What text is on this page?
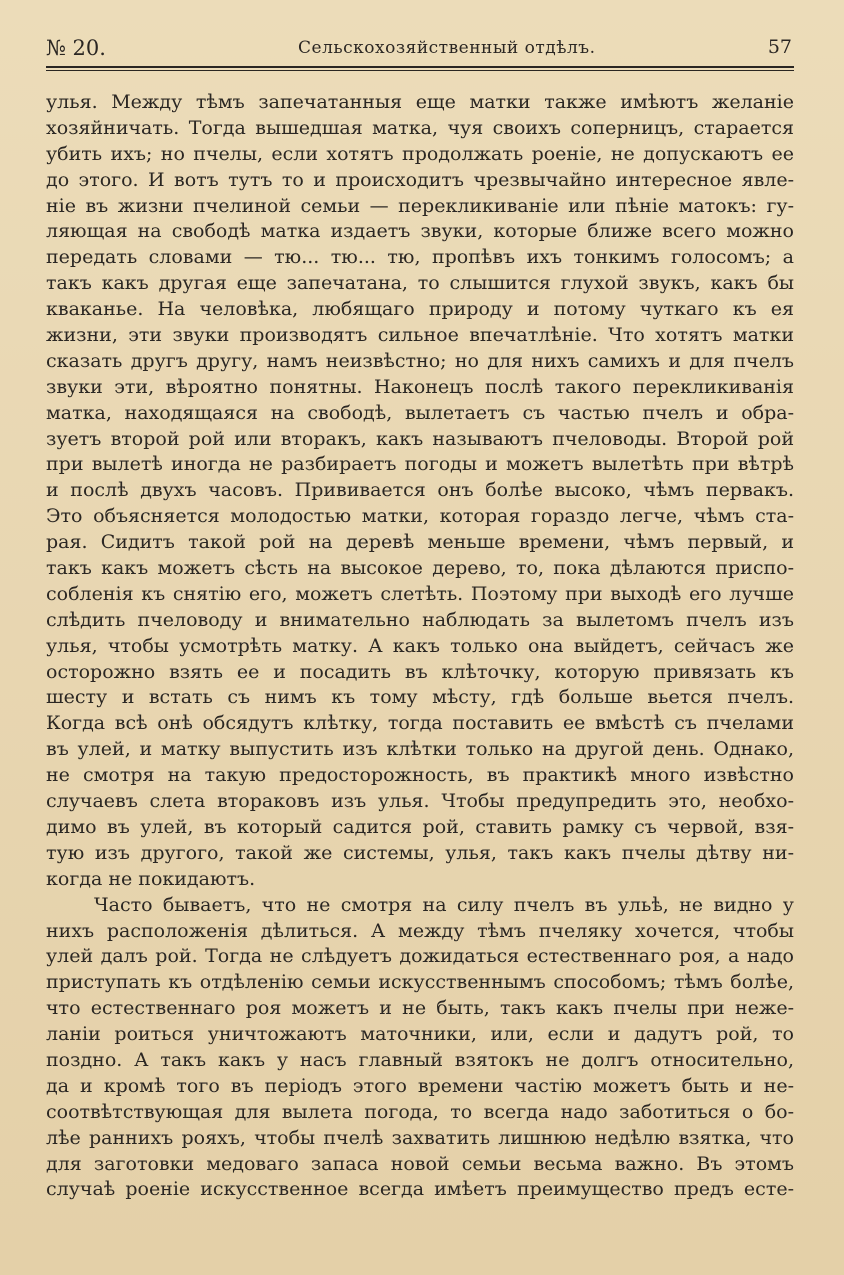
№ 20.	Сельскохозяйственный отдѣлъ.	57
улья. Между тѣмъ запечатанныя еще матки также имѣютъ желаніе
хозяйничать. Тогда вышедшая матка, чуя своихъ соперницъ, старается
убить ихъ; но пчелы, если хотятъ продолжать роеніе, не допускаютъ ее
до этого. И вотъ тутъ то и происходитъ чрезвычайно интересное явле-
ніе въ жизни пчелиной семьи — перекликиваніе или пѣніе матокъ: гу-
ляющая на свободѣ матка издаетъ звуки, которые ближе всего можно
передать словами — тю... тю... тю, пропѣвъ ихъ тонкимъ голосомъ; а
такъ какъ другая еще запечатана, то слышится глухой звукъ, какъ бы
кваканье. На человѣка, любящаго природу и потому чуткаго къ ея
жизни, эти звуки производятъ сильное впечатлѣніе. Что хотятъ матки
сказать другъ другу, намъ неизвѣстно; но для нихъ самихъ и для пчелъ
звуки эти, вѣроятно понятны. Наконецъ послѣ такого перекликиванія
матка, находящаяся на свободѣ, вылетаетъ съ частью пчелъ и обра-
зуетъ второй рой или вторакъ, какъ называютъ пчеловоды. Второй рой
при вылетѣ иногда не разбираетъ погоды и можетъ вылетѣть при вѣтрѣ
и послѣ двухъ часовъ. Прививается онъ болѣе высоко, чѣмъ первакъ.
Это объясняется молодостью матки, которая гораздо легче, чѣмъ ста-
рая. Сидитъ такой рой на деревѣ меньше времени, чѣмъ первый, и
такъ какъ можетъ сѣсть на высокое дерево, то, пока дѣлаются приспо-
собленія къ снятію его, можетъ слетѣть. Поэтому при выходѣ его лучше
слѣдить пчеловоду и внимательно наблюдать за вылетомъ пчелъ изъ
улья, чтобы усмотрѣть матку. А какъ только она выйдетъ, сейчасъ же
осторожно взять ее и посадить въ клѣточку, которую привязать къ
шесту и встать съ нимъ къ тому мѣсту, гдѣ больше вьется пчелъ.
Когда всѣ онѣ обсядутъ клѣтку, тогда поставить ее вмѣстѣ съ пчелами
въ улей, и матку выпустить изъ клѣтки только на другой день. Однако,
не смотря на такую предосторожность, въ практикѣ много извѣстно
случаевъ слета втораковъ изъ улья. Чтобы предупредить это, необхо-
димо въ улей, въ который садится рой, ставить рамку съ червой, взя-
тую изъ другого, такой же системы, улья, такъ какъ пчелы дѣтву ни-
когда не покидаютъ.
Часто бываетъ, что не смотря на силу пчелъ въ ульѣ, не видно у
нихъ расположенія дѣлиться. А между тѣмъ пчеляку хочется, чтобы
улей далъ рой. Тогда не слѣдуетъ дожидаться естественнаго роя, а надо
приступать къ отдѣленію семьи искусственнымъ способомъ; тѣмъ болѣе,
что естественнаго роя можетъ и не быть, такъ какъ пчелы при нежe-
ланіи роиться уничтожаютъ маточники, или, если и дадутъ рой, то
поздно. А такъ какъ у насъ главный взятокъ не долгъ относительно,
да и кромѣ того въ періодъ этого времени частію можетъ быть и не-
соотвѣтствующая для вылета погода, то всегда надо заботиться о бо-
лѣе раннихъ рояхъ, чтобы пчелѣ захватить лишнюю недѣлю взятка, что
для заготовки медоваго запаса новой семьи весьма важно. Въ этомъ
случаѣ роеніе искусственное всегда имѣетъ преимущество предъ есте-
